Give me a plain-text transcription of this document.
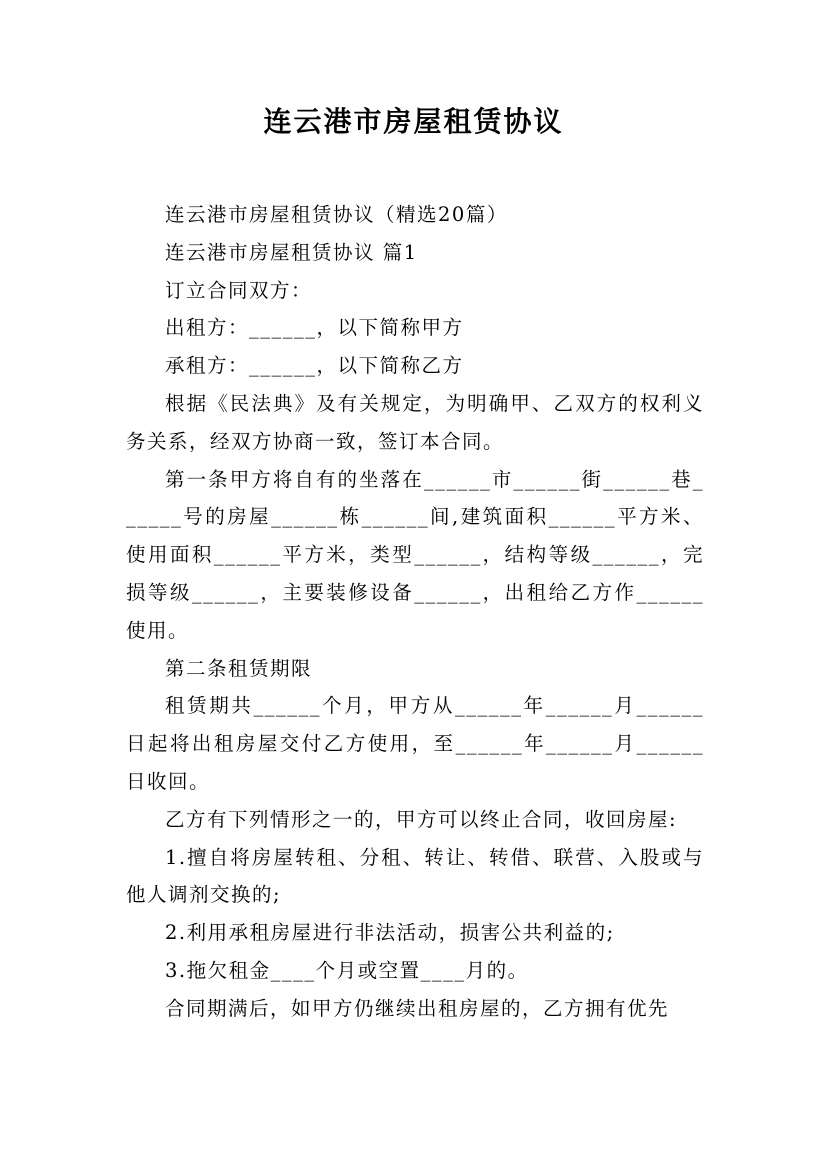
连云港市房屋租赁协议

连云港市房屋租赁协议（精选20篇）

连云港市房屋租赁协议 篇1

订立合同双方：

出租方：______，以下简称甲方

承租方：______，以下简称乙方

根据《民法典》及有关规定，为明确甲、乙双方的权利义务关系，经双方协商一致，签订本合同。

第一条甲方将自有的坐落在______市______街______巷______号的房屋______栋______间,建筑面积______平方米、使用面积______平方米，类型______，结构等级______，完损等级______，主要装修设备______，出租给乙方作______使用。

第二条租赁期限

租赁期共______个月，甲方从______年______月______日起将出租房屋交付乙方使用，至______年______月______日收回。

乙方有下列情形之一的，甲方可以终止合同，收回房屋:

1.擅自将房屋转租、分租、转让、转借、联营、入股或与他人调剂交换的;

2.利用承租房屋进行非法活动，损害公共利益的;

3.拖欠租金____个月或空置____月的。

合同期满后，如甲方仍继续出租房屋的，乙方拥有优先
